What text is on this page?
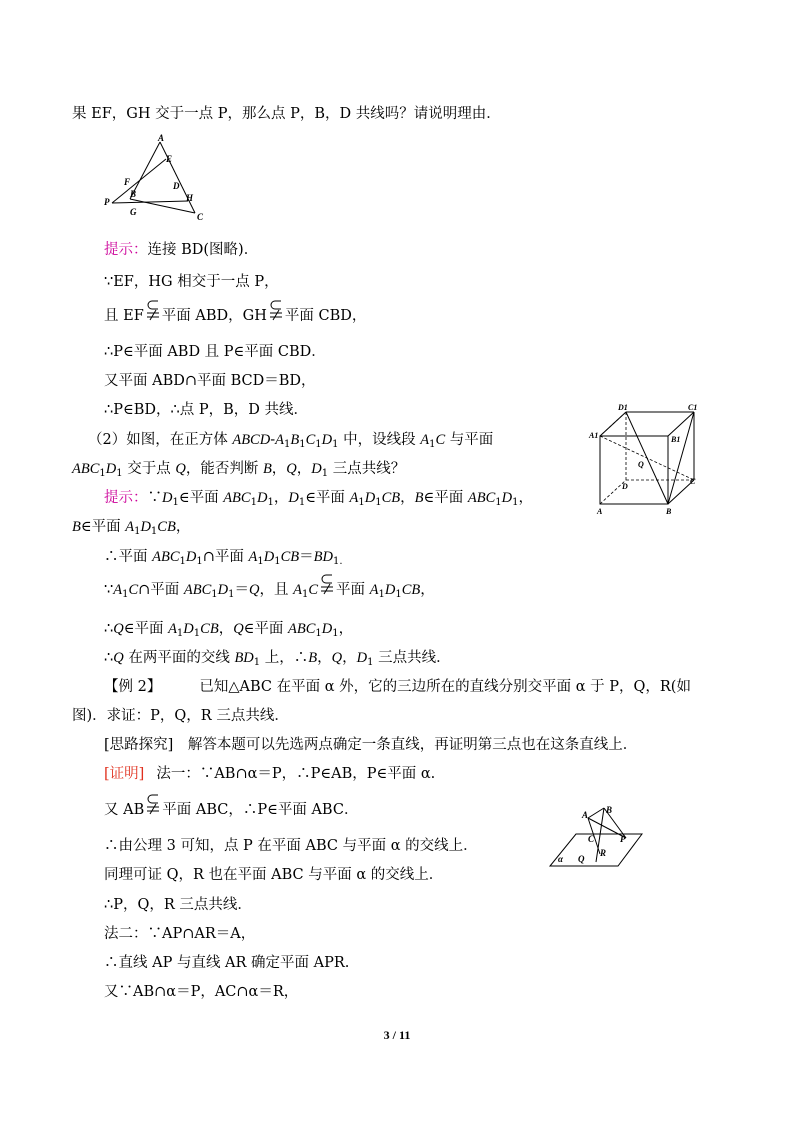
果 EF，GH 交于一点 P，那么点 P，B，D 共线吗？请说明理由．
A
E
F	D
B	H
P
G	C
提示：连接 BD(图略)．
∵EF，HG 相交于一点 P，
且 EF 平面 ABD，GH 平面 CBD，
∴P∈平面 ABD 且 P∈平面 CBD．
又平面 ABD∩平面 BCD＝BD，
∴P∈BD，∴点 P，B，D 共线．	D1	C1
A1	B1
Q
D
C
A	B
（2）如图，在正方体 ABCD-$A_1B_1C_1D_1$ 中，设线段 $A_1C$ 与平面
$ABC_1D_1$ 交于点 Q，能否判断 B，Q，$D_1$ 三点共线？
提示：$\because D_1\in$平面 $ABC_1D_1$，$D_1\in$平面 $A_1D_1CB$，B∈平面 $ABC_1D_1$，
B∈平面 $A_1D_1CB$，
∴平面 $ABC_1D_1\cap$平面 $A_1D_1CB=BD_{1.}$
$\because A_1C\cap$平面 $ABC_1D_1=Q$，且 $A_1C$ 平面 $A_1D_1CB$，
∴Q∈平面 $A_1D_1CB$，Q∈平面 $ABC_1D_1$，
∴Q 在两平面的交线 $BD_1$ 上，∴B，Q，$D_1$ 三点共线．
【例 2】	已知△ABC 在平面 α 外，它的三边所在的直线分别交平面 α 于 P，Q，R(如
图)．求证：P，Q，R 三点共线．
[思路探究]　解答本题可以先选两点确定一条直线，再证明第三点也在这条直线上．
[证明] 法一：∵AB∩α＝P，∴P∈AB，P∈平面 α.
又 AB 平面 ABC，∴P∈平面 ABC．	A B
C	P
Q
R
α
∴由公理 3 可知，点 P 在平面 ABC 与平面 α 的交线上．
同理可证 Q，R 也在平面 ABC 与平面 α 的交线上．
∴P，Q，R 三点共线．
法二：∵AP∩AR＝A，
∴直线 AP 与直线 AR 确定平面 APR.
又∵AB∩α＝P，AC∩α＝R，
3 / 11
